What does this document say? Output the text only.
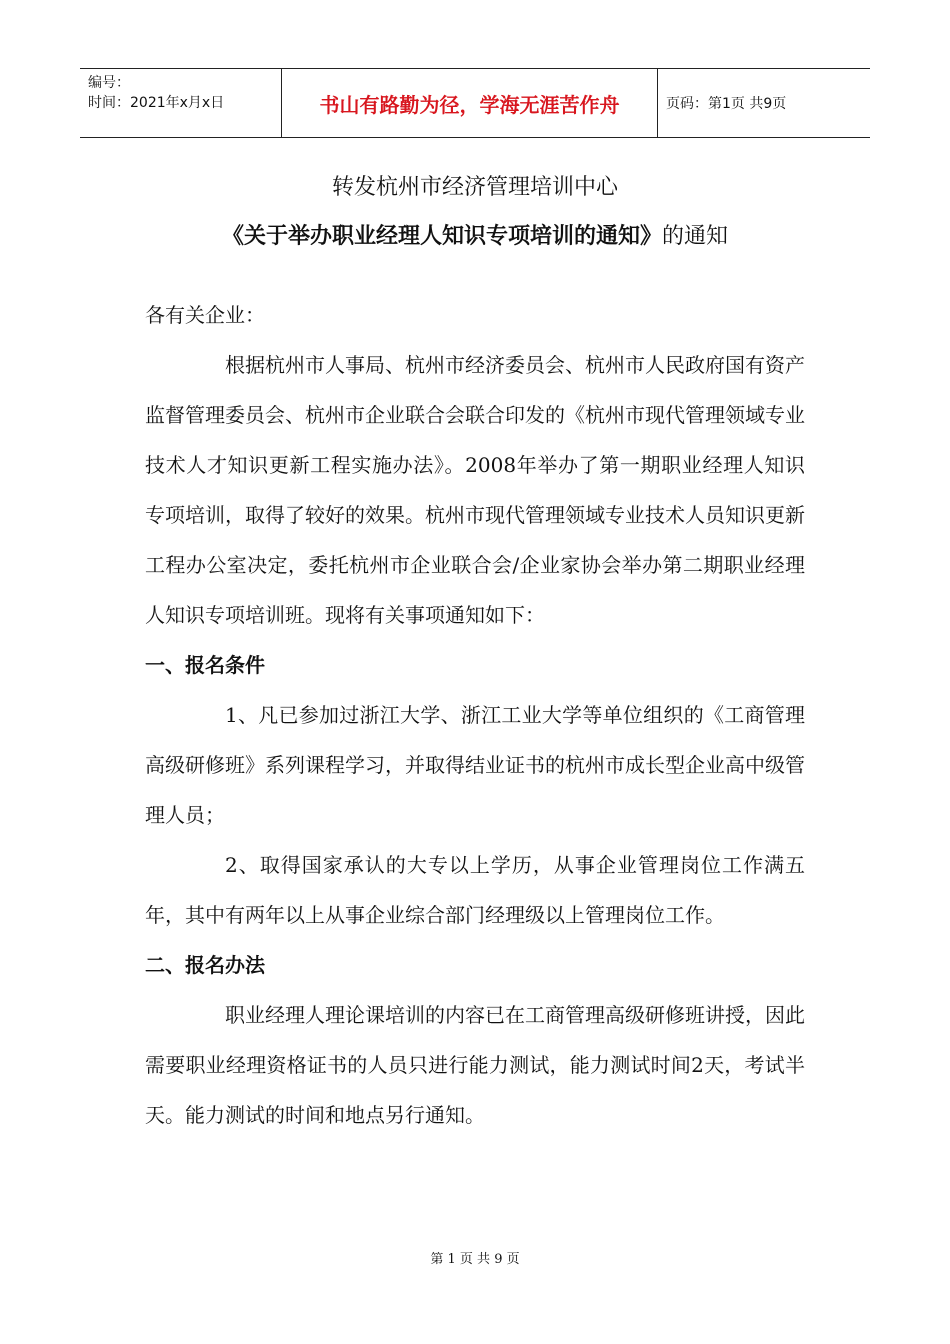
编号：
时间：2021年x月x日	书山有路勤为径，学海无涯苦作舟	页码：第1页 共9页
转发杭州市经济管理培训中心
《关于举办职业经理人知识专项培训的通知》的通知

各有关企业：

根据杭州市人事局、杭州市经济委员会、杭州市人民政府国有资产监督管理委员会、杭州市企业联合会联合印发的《杭州市现代管理领域专业技术人才知识更新工程实施办法》。2008年举办了第一期职业经理人知识专项培训，取得了较好的效果。杭州市现代管理领域专业技术人员知识更新工程办公室决定，委托杭州市企业联合会/企业家协会举办第二期职业经理人知识专项培训班。现将有关事项通知如下：

一、报名条件

1、凡已参加过浙江大学、浙江工业大学等单位组织的《工商管理高级研修班》系列课程学习，并取得结业证书的杭州市成长型企业高中级管理人员；

2、取得国家承认的大专以上学历，从事企业管理岗位工作满五年，其中有两年以上从事企业综合部门经理级以上管理岗位工作。

二、报名办法

职业经理人理论课培训的内容已在工商管理高级研修班讲授，因此需要职业经理资格证书的人员只进行能力测试，能力测试时间2天，考试半天。能力测试的时间和地点另行通知。

第 1 页 共 9 页
